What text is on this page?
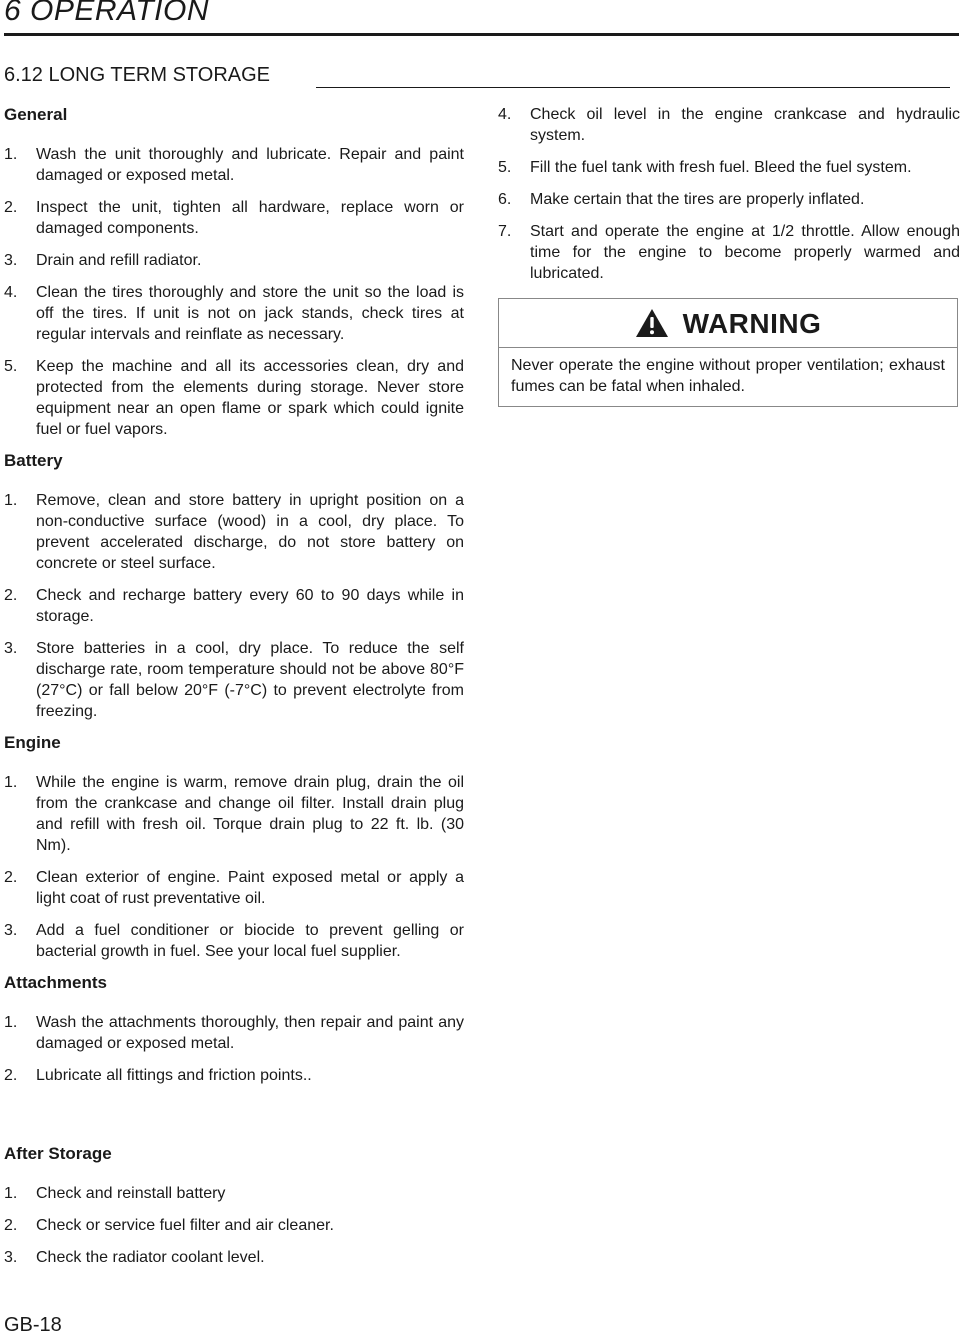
6 OPERATION
6.12 LONG TERM STORAGE
General
1.	Wash the unit thoroughly and lubricate. Repair and paint damaged or exposed metal.
2.	Inspect the unit, tighten all hardware, replace worn or damaged components.
3.	Drain and refill radiator.
4.	Clean the tires thoroughly and store the unit so the load is off the tires. If unit is not on jack stands, check tires at regular intervals and reinflate as necessary.
5.	Keep the machine and all its accessories clean, dry and protected from the elements during storage. Never store equipment near an open flame or spark which could ignite fuel or fuel vapors.
Battery
1.	Remove, clean and store battery in upright position on a non-conductive surface (wood) in a cool, dry place. To prevent accelerated discharge, do not store battery on concrete or steel surface.
2.	Check and recharge battery every 60 to 90 days while in storage.
3.	Store batteries in a cool, dry place. To reduce the self discharge rate, room temperature should not be above 80°F (27°C) or fall below 20°F (-7°C) to prevent electrolyte from freezing.
Engine
1.	While the engine is warm, remove drain plug, drain the oil from the crankcase and change oil filter. Install drain plug and refill with fresh oil. Torque drain plug to 22 ft. lb. (30 Nm).
2.	Clean exterior of engine. Paint exposed metal or apply a light coat of rust preventative oil.
3.	Add a fuel conditioner or biocide to prevent gelling or bacterial growth in fuel. See your local fuel supplier.
Attachments
1.	Wash the attachments thoroughly, then repair and paint any damaged or exposed metal.
2.	Lubricate all fittings and friction points..
4.	Check oil level in the engine crankcase and hydraulic system.
5.	Fill the fuel tank with fresh fuel. Bleed the fuel system.
6.	Make certain that the tires are properly inflated.
7.	Start and operate the engine at 1/2 throttle. Allow enough time for the engine to become properly warmed and lubricated.
WARNING
Never operate the engine without proper ventilation; exhaust fumes can be fatal when inhaled.
After Storage
1.	Check and reinstall battery
2.	Check or service fuel filter and air cleaner.
3.	Check the radiator coolant level.

GB-18
